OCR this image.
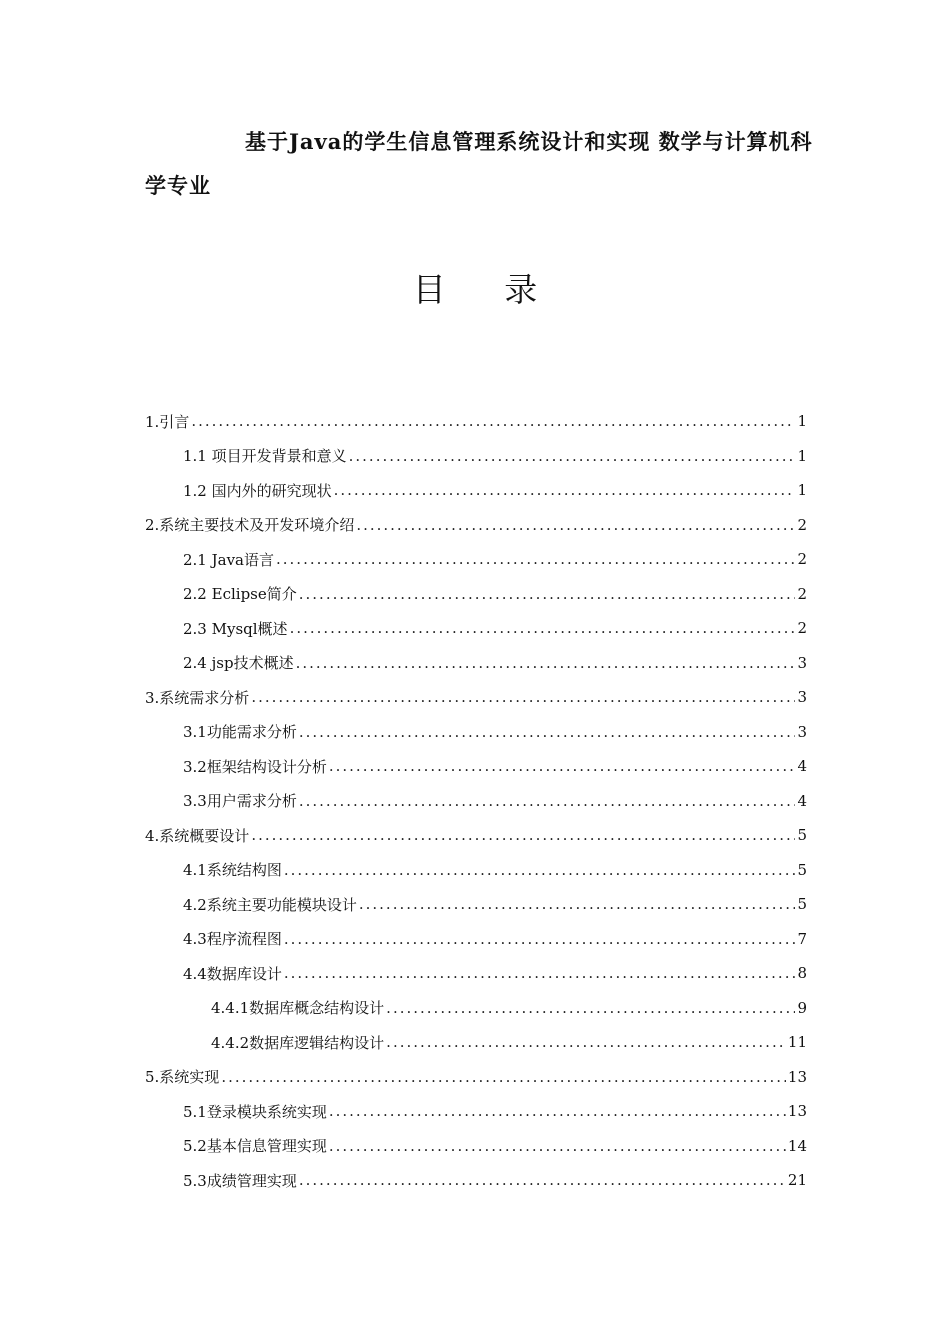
基于Java的学生信息管理系统设计和实现 数学与计算机科学专业
目 录
1.引言 .....	1
1.1 项目开发背景和意义 .....	1
1.2 国内外的研究现状 .....	1
2.系统主要技术及开发环境介绍 .....	2
2.1 Java语言 .....	2
2.2 Eclipse简介 .....	2
2.3 Mysql概述 .....	2
2.4 jsp技术概述 .....	3
3.系统需求分析 .....	3
3.1功能需求分析 .....	3
3.2框架结构设计分析 .....	4
3.3用户需求分析 .....	4
4.系统概要设计 .....	5
4.1系统结构图 .....	5
4.2系统主要功能模块设计 .....	5
4.3程序流程图 .....	7
4.4数据库设计 .....	8
4.4.1数据库概念结构设计 .....	9
4.4.2数据库逻辑结构设计 .....	11
5.系统实现 .....	13
5.1登录模块系统实现 .....	13
5.2基本信息管理实现 .....	14
5.3成绩管理实现 .....	21
